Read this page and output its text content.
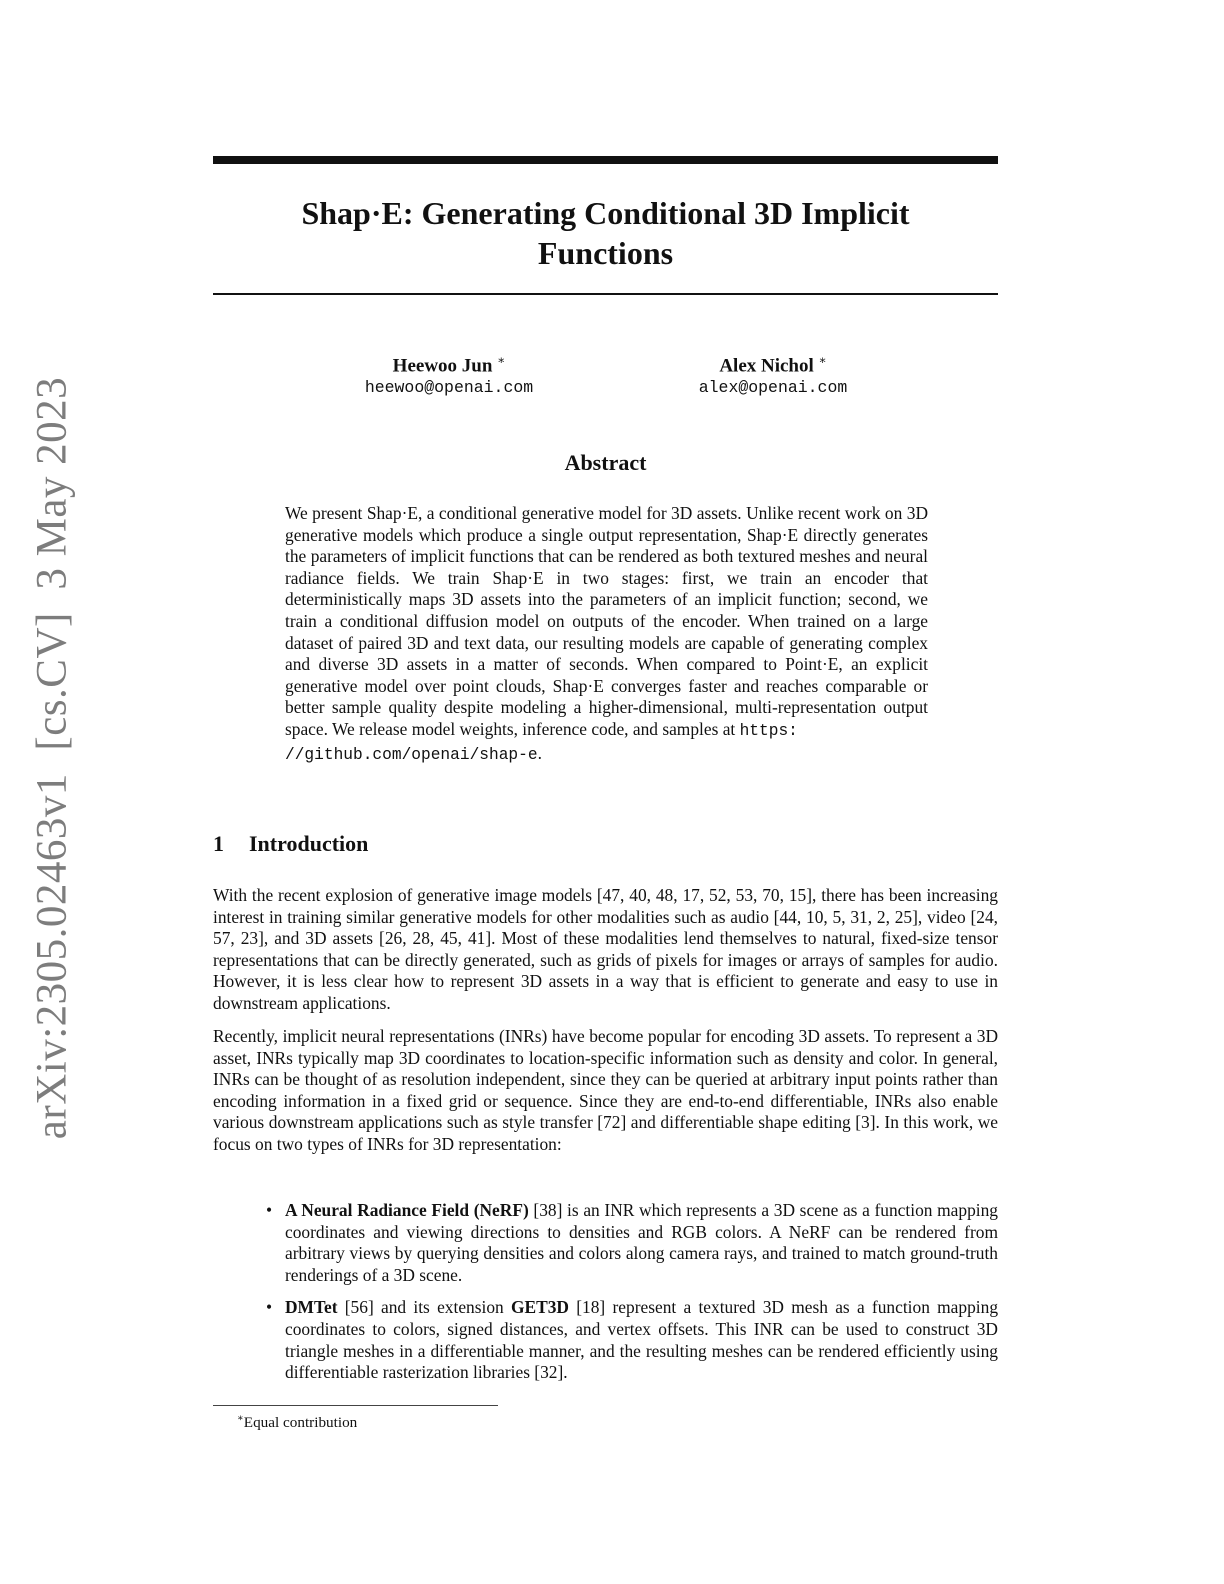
arXiv:2305.02463v1  [cs.CV]  3 May 2023
Shap·E: Generating Conditional 3D Implicit
Functions
Heewoo Jun ∗
heewoo@openai.com
Alex Nichol ∗
alex@openai.com
Abstract

We present Shap·E, a conditional generative model for 3D assets. Unlike recent work on 3D generative models which produce a single output representation, Shap·E directly generates the parameters of implicit functions that can be rendered as both textured meshes and neural radiance fields. We train Shap·E in two stages: first, we train an encoder that deterministically maps 3D assets into the parameters of an implicit function; second, we train a conditional diffusion model on outputs of the encoder. When trained on a large dataset of paired 3D and text data, our resulting models are capable of generating complex and diverse 3D assets in a matter of seconds. When compared to Point·E, an explicit generative model over point clouds, Shap·E converges faster and reaches comparable or better sample quality despite modeling a higher-dimensional, multi-representation output space. We release model weights, inference code, and samples at https:
//github.com/openai/shap-e.

1 Introduction

With the recent explosion of generative image models [47, 40, 48, 17, 52, 53, 70, 15], there has been increasing interest in training similar generative models for other modalities such as audio [44, 10, 5, 31, 2, 25], video [24, 57, 23], and 3D assets [26, 28, 45, 41]. Most of these modalities lend themselves to natural, fixed-size tensor representations that can be directly generated, such as grids of pixels for images or arrays of samples for audio. However, it is less clear how to represent 3D assets in a way that is efficient to generate and easy to use in downstream applications.

Recently, implicit neural representations (INRs) have become popular for encoding 3D assets. To represent a 3D asset, INRs typically map 3D coordinates to location-specific information such as density and color. In general, INRs can be thought of as resolution independent, since they can be queried at arbitrary input points rather than encoding information in a fixed grid or sequence. Since they are end-to-end differentiable, INRs also enable various downstream applications such as style transfer [72] and differentiable shape editing [3]. In this work, we focus on two types of INRs for 3D representation:

• A Neural Radiance Field (NeRF) [38] is an INR which represents a 3D scene as a function mapping coordinates and viewing directions to densities and RGB colors. A NeRF can be rendered from arbitrary views by querying densities and colors along camera rays, and trained to match ground-truth renderings of a 3D scene.
• DMTet [56] and its extension GET3D [18] represent a textured 3D mesh as a function mapping coordinates to colors, signed distances, and vertex offsets. This INR can be used to construct 3D triangle meshes in a differentiable manner, and the resulting meshes can be rendered efficiently using differentiable rasterization libraries [32].

∗Equal contribution
